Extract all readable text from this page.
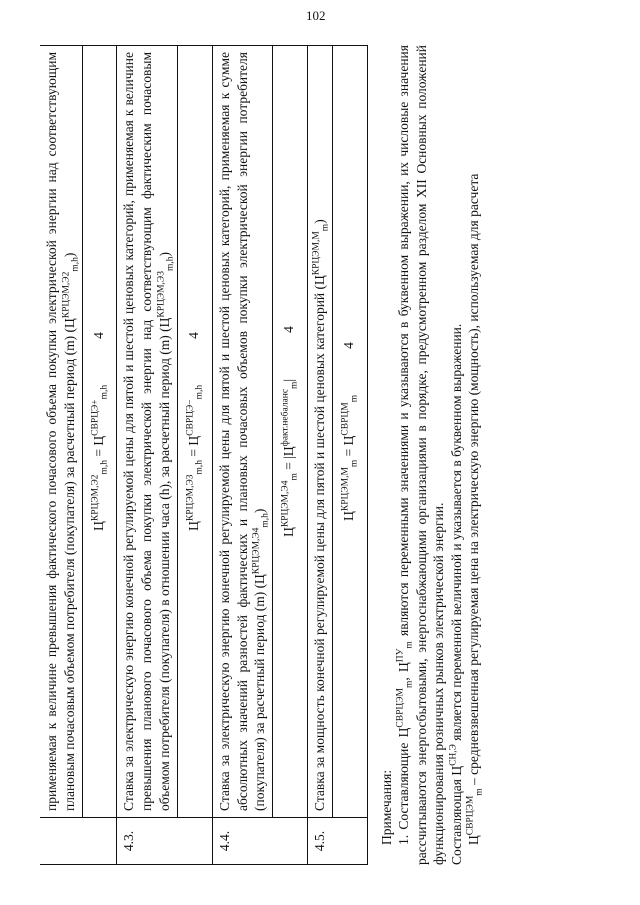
102
	применяемая к величине превышения фактического почасового объема покупки электрической энергии над соответствующим плановым почасовым объемом потребителя (покупателя) за расчетный период (m) $(Ц^{КРЦЭМ,Э2}_{m,h})$
	$Ц^{КРЦЭМ,Э2}_{m,h} = Ц^{СВРЦЭ+}_{m,h}4$
4.3.	Ставка за электрическую энергию конечной регулируемой цены для пятой и шестой ценовых категорий, применяемая к величине превышения планового почасового объема покупки электрической энергии над соответствующим фактическим почасовым объемом потребителя (покупателя) в отношении часа (h), за расчетный период (m) $(Ц^{КРЦЭМ,Э3}_{m,h})$
	$Ц^{КРЦЭМ,Э3}_{m,h} = Ц^{СВРЦЭ-}_{m,h}4$
4.4.	Ставка за электрическую энергию конечной регулируемой цены для пятой и шестой ценовых категорий, применяемая к сумме абсолютных значений разностей фактических и плановых почасовых объемов покупки электрической энергии потребителя (покупателя) за расчетный период (m) $(Ц^{КРЦЭМ,Э4}_{m,h})$
	$Ц^{КРЦЭМ,Э4}_m = |Ц^{факт.небаланс}_m|4$
4.5.	Ставка за мощность конечной регулируемой цены для пятой и шестой ценовых категорий $(Ц^{КРЦЭМ,М}_m)$
	$Ц^{КРЦЭМ,М}_m = Ц^{СВРЦМ}_m4$

Примечания: 1. Составляющие $Ц^{СВРЦЭМ}_m$, $Ц^{ПУ}_m$ являются переменными значениями и указываются в буквенном выражении, их числовые значения рассчитываются энергосбытовыми, энергоснабжающими организациями в порядке, предусмотренном разделом XII Основных положений функционирования розничных рынков электрической энергии. Составляющая $Ц^{СН,Э}$ является переменной величиной и указывается в буквенном выражении.

$Ц^{СВРЦЭМ}_m$ – средневзвешенная регулируемая цена на электрическую энергию (мощность), используемая для расчета
